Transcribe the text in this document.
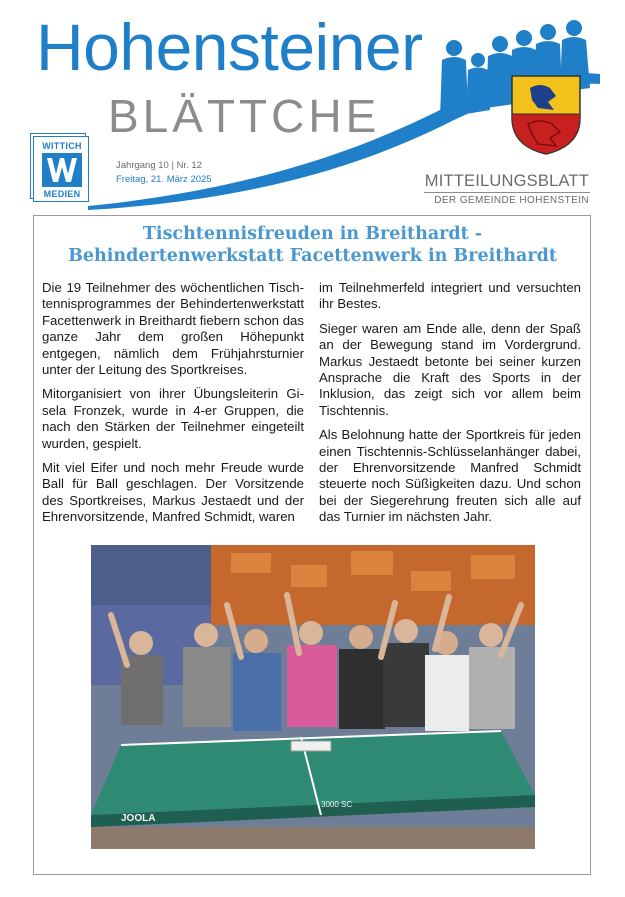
Hohensteiner
BLÄTTCHE
WITTICH
MEDIEN
Jahrgang 10 | Nr. 12
Freitag, 21. März 2025	MITTEILUNGSBLATT
DER GEMEINDE HOHENSTEIN
Tischtennisfreuden in Breithardt -
Behindertenwerkstatt Facettenwerk in Breithardt

Die 19 Teilnehmer des wöchentlichen Tischtennisprogrammes der Behindertenwerkstatt Facettenwerk in Breithardt fiebern schon das ganze Jahr dem großen Höhepunkt entgegen, nämlich dem Frühjahrsturnier unter der Leitung des Sportkreises.

Mitorganisiert von ihrer Übungsleiterin Gisela Fronzek, wurde in 4-er Gruppen, die nach den Stärken der Teilnehmer eingeteilt wurden, gespielt.

Mit viel Eifer und noch mehr Freude wurde Ball für Ball geschlagen. Der Vorsitzende des Sportkreises, Markus Jestaedt und der Ehrenvorsitzende, Manfred Schmidt, waren

im Teilnehmerfeld integriert und versuchten ihr Bestes.

Sieger waren am Ende alle, denn der Spaß an der Bewegung stand im Vordergrund. Markus Jestaedt betonte bei seiner kurzen Ansprache die Kraft des Sports in der Inklusion, das zeigt sich vor allem beim Tischtennis.

Als Belohnung hatte der Sportkreis für jeden einen Tischtennis-Schlüsselanhänger dabei, der Ehrenvorsitzende Manfred Schmidt steuerte noch Süßigkeiten dazu. Und schon bei der Siegerehrung freuten sich alle auf das Turnier im nächsten Jahr.

JOOLA
3000 SC
